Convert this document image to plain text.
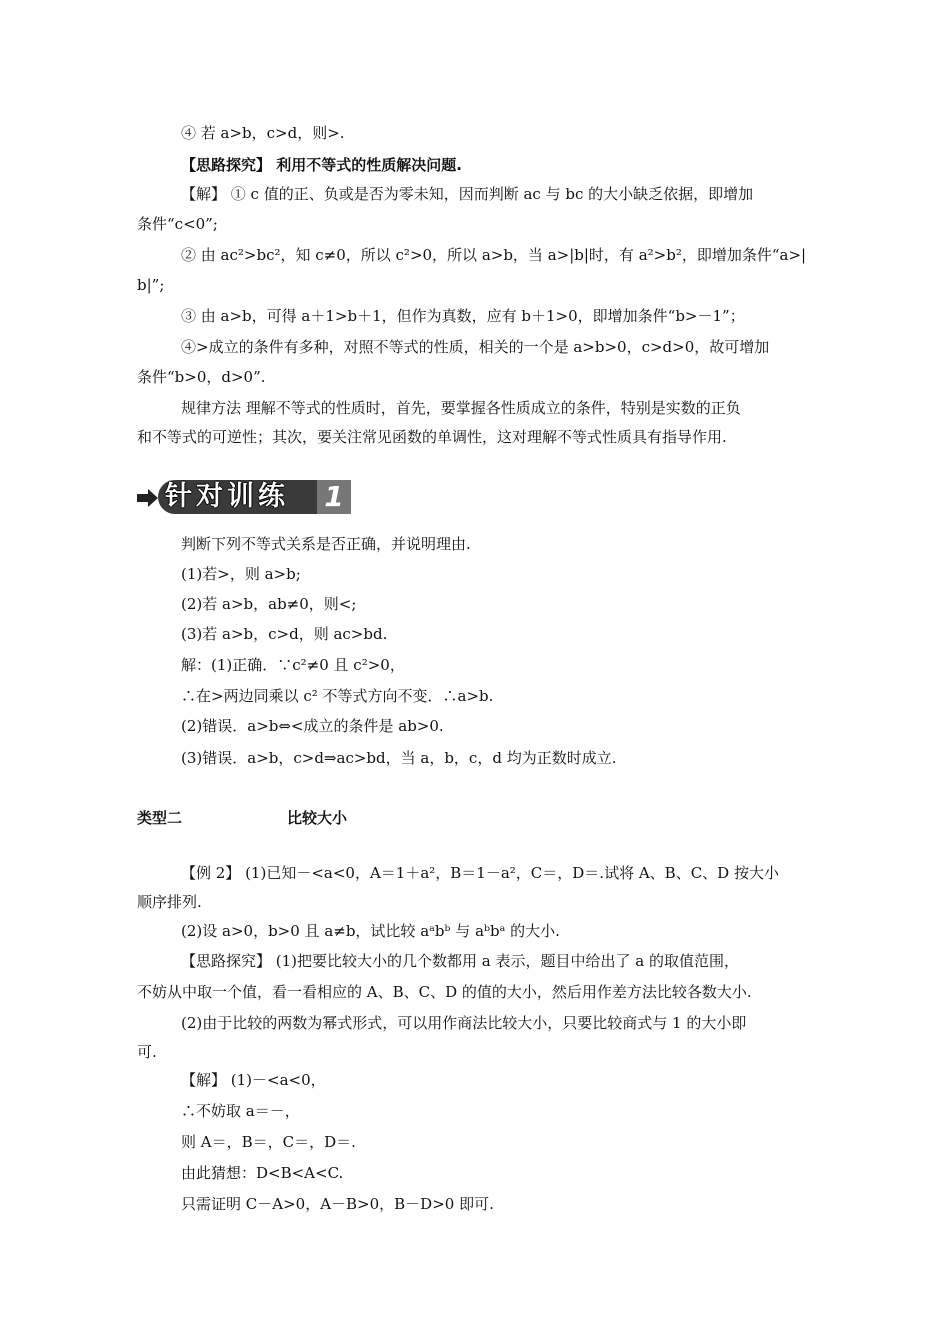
④ 若 a>b，c>d，则>.
【思路探究】 利用不等式的性质解决问题.
【解】 ① c 值的正、负或是否为零未知，因而判断 ac 与 bc 的大小缺乏依据，即增加
条件“c<0”;
② 由 ac²>bc²，知 c≠0，所以 c²>0，所以 a>b，当 a>|b|时，有 a²>b²，即增加条件“a>|
b|”;
③ 由 a>b，可得 a＋1>b＋1，但作为真数，应有 b＋1>0，即增加条件“b>－1”；
④>成立的条件有多种，对照不等式的性质，相关的一个是 a>b>0，c>d>0，故可增加
条件“b>0，d>0”.
规律方法 理解不等式的性质时，首先，要掌握各性质成立的条件，特别是实数的正负
和不等式的可逆性；其次，要关注常见函数的单调性，这对理解不等式性质具有指导作用.
针对训练 1
判断下列不等式关系是否正确，并说明理由.
(1)若>，则 a>b;
(2)若 a>b，ab≠0，则<;
(3)若 a>b，c>d，则 ac>bd.
解：(1)正确．∵c²≠0 且 c²>0，
∴在>两边同乘以 c² 不等式方向不变．∴a>b.
(2)错误．a>b⇔<成立的条件是 ab>0.
(3)错误．a>b，c>d⇒ac>bd，当 a，b，c，d 均为正数时成立.
类型二	比较大小
【例 2】 (1)已知－<a<0，A＝1＋a²，B＝1－a²，C＝，D＝.试将 A、B、C、D 按大小
顺序排列.
(2)设 a>0，b>0 且 a≠b，试比较 aᵃbᵇ 与 aᵇbᵃ 的大小.
【思路探究】 (1)把要比较大小的几个数都用 a 表示，题目中给出了 a 的取值范围，
不妨从中取一个值，看一看相应的 A、B、C、D 的值的大小，然后用作差方法比较各数大小.
(2)由于比较的两数为幂式形式，可以用作商法比较大小，只要比较商式与 1 的大小即
可.
【解】 (1)－<a<0，
∴不妨取 a＝－，
则 A＝，B＝，C＝，D＝.
由此猜想：D<B<A<C.
只需证明 C－A>0，A－B>0，B－D>0 即可.
